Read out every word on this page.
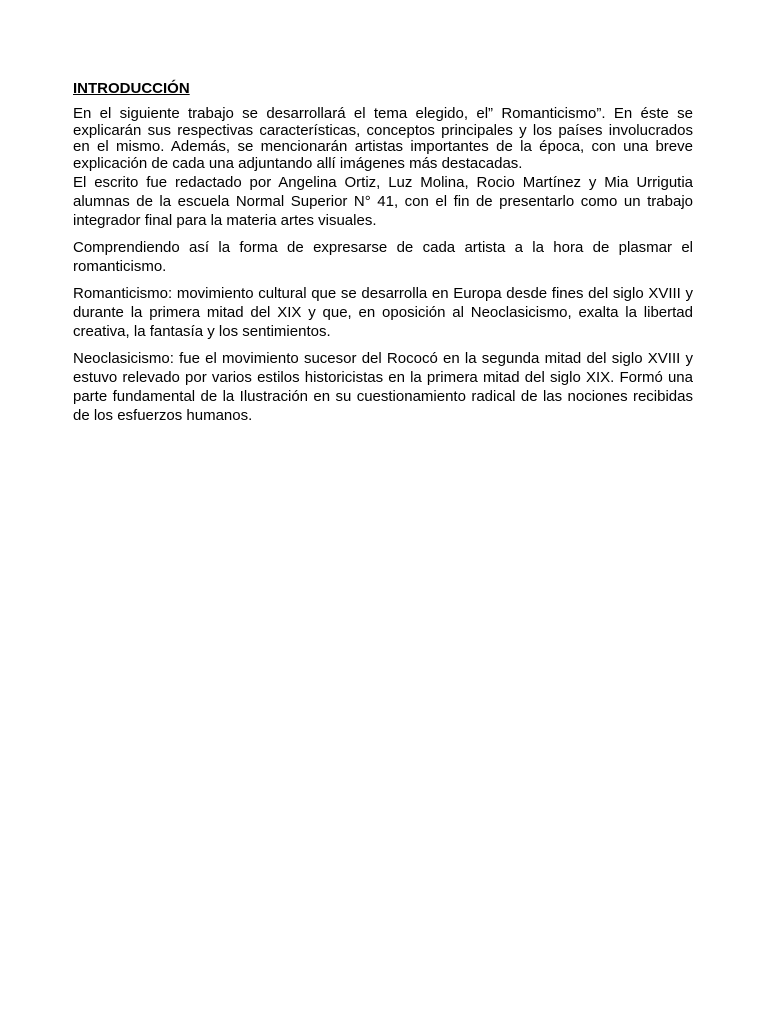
INTRODUCCIÓN

En el siguiente trabajo se desarrollará el tema elegido, el” Romanticismo”. En éste se explicarán sus respectivas características, conceptos principales y los países involucrados en el mismo. Además, se mencionarán artistas importantes de la época, con una breve explicación de cada una adjuntando allí imágenes más destacadas.

El escrito fue redactado por Angelina Ortiz, Luz Molina, Rocio Martínez y Mia Urrigutia alumnas de la escuela Normal Superior N° 41, con el fin de presentarlo como un trabajo integrador final para la materia artes visuales.

Comprendiendo así la forma de expresarse de cada artista a la hora de plasmar el romanticismo.

Romanticismo: movimiento cultural que se desarrolla en Europa desde fines del siglo XVIII y durante la primera mitad del XIX y que, en oposición al Neoclasicismo, exalta la libertad creativa, la fantasía y los sentimientos.

Neoclasicismo: fue el movimiento sucesor del Rococó en la segunda mitad del siglo XVIII y estuvo relevado por varios estilos historicistas en la primera mitad del siglo XIX. Formó una parte fundamental de la Ilustración en su cuestionamiento radical de las nociones recibidas de los esfuerzos humanos.
